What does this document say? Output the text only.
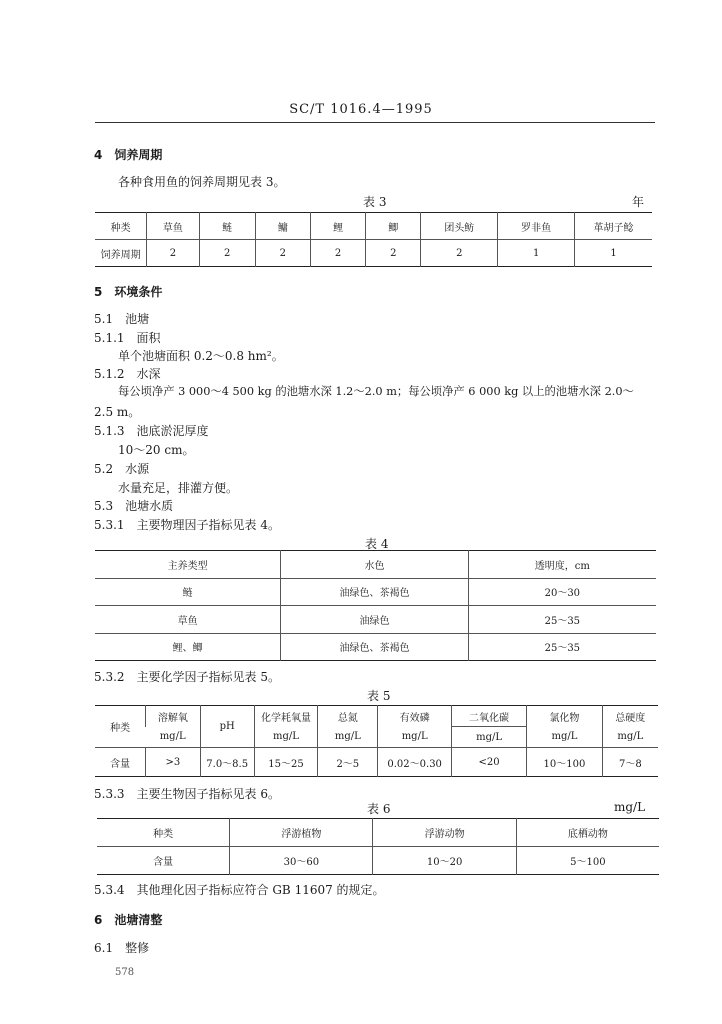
SC/T 1016.4—1995
4　饲养周期
各种食用鱼的饲养周期见表 3。
表 3	年
种类	草鱼	鲢	鳙	鲤	鲫	团头鲂	罗非鱼	革胡子鲶
饲养周期	2	2	2	2	2	2	1	1
5　环境条件
5.1　池塘
5.1.1　面积
单个池塘面积 0.2～0.8 hm²。
5.1.2　水深
每公顷净产 3 000～4 500 kg 的池塘水深 1.2～2.0 m；每公顷净产 6 000 kg 以上的池塘水深 2.0～
2.5 m。
5.1.3　池底淤泥厚度
10～20 cm。
5.2　水源
水量充足，排灌方便。
5.3　池塘水质
5.3.1　主要物理因子指标见表 4。
表 4
主养类型	水色	透明度，cm
鲢	油绿色、茶褐色	20～30
草鱼	油绿色	25～35
鲤、鲫	油绿色、茶褐色	25～35
5.3.2　主要化学因子指标见表 5。
表 5
种类	溶解氧	pH	化学耗氧量	总氮	有效磷	二氧化碳	氯化物	总硬度
	mg/L		mg/L	mg/L	mg/L	mg/L	mg/L	mg/L
含量	>3	7.0～8.5	15～25	2～5	0.02～0.30	<20	10～100	7～8
5.3.3　主要生物因子指标见表 6。
表 6	mg/L
种类	浮游植物	浮游动物	底栖动物
含量	30～60	10～20	5～100
5.3.4　其他理化因子指标应符合 GB 11607 的规定。
6　池塘清整
6.1　整修
578
